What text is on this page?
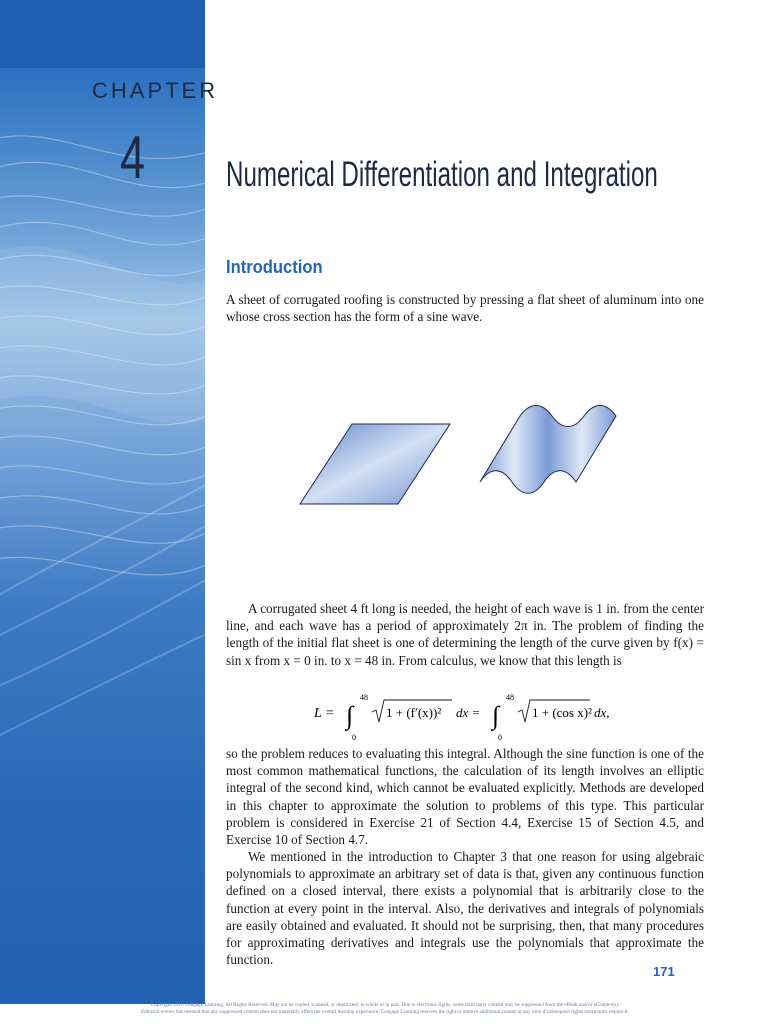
CHAPTER
4 Numerical Differentiation and Integration
Introduction

A sheet of corrugated roofing is constructed by pressing a flat sheet of aluminum into one whose cross section has the form of a sine wave.

A corrugated sheet 4 ft long is needed, the height of each wave is 1 in. from the center line, and each wave has a period of approximately 2π in. The problem of finding the length of the initial flat sheet is one of determining the length of the curve given by f(x) = sin x from x = 0 in. to x = 48 in. From calculus, we know that this length is

L = ∫
48
0
1 + (f′(x))² dx = ∫
48
0
1 + (cos x)² dx,

so the problem reduces to evaluating this integral. Although the sine function is one of the most common mathematical functions, the calculation of its length involves an elliptic integral of the second kind, which cannot be evaluated explicitly. Methods are developed in this chapter to approximate the solution to problems of this type. This particular problem is considered in Exercise 21 of Section 4.4, Exercise 15 of Section 4.5, and Exercise 10 of Section 4.7.

We mentioned in the introduction to Chapter 3 that one reason for using algebraic polynomials to approximate an arbitrary set of data is that, given any continuous function defined on a closed interval, there exists a polynomial that is arbitrarily close to the function at every point in the interval. Also, the derivatives and integrals of polynomials are easily obtained and evaluated. It should not be surprising, then, that many procedures for approximating derivatives and integrals use the polynomials that approximate the function.

171
Copyright 2010 Cengage Learning. All Rights Reserved. May not be copied, scanned, or duplicated, in whole or in part. Due to electronic rights, some third party content may be suppressed from the eBook and/or eChapter(s).
Editorial review has deemed that any suppressed content does not materially affect the overall learning experience. Cengage Learning reserves the right to remove additional content at any time if subsequent rights restrictions require it.
